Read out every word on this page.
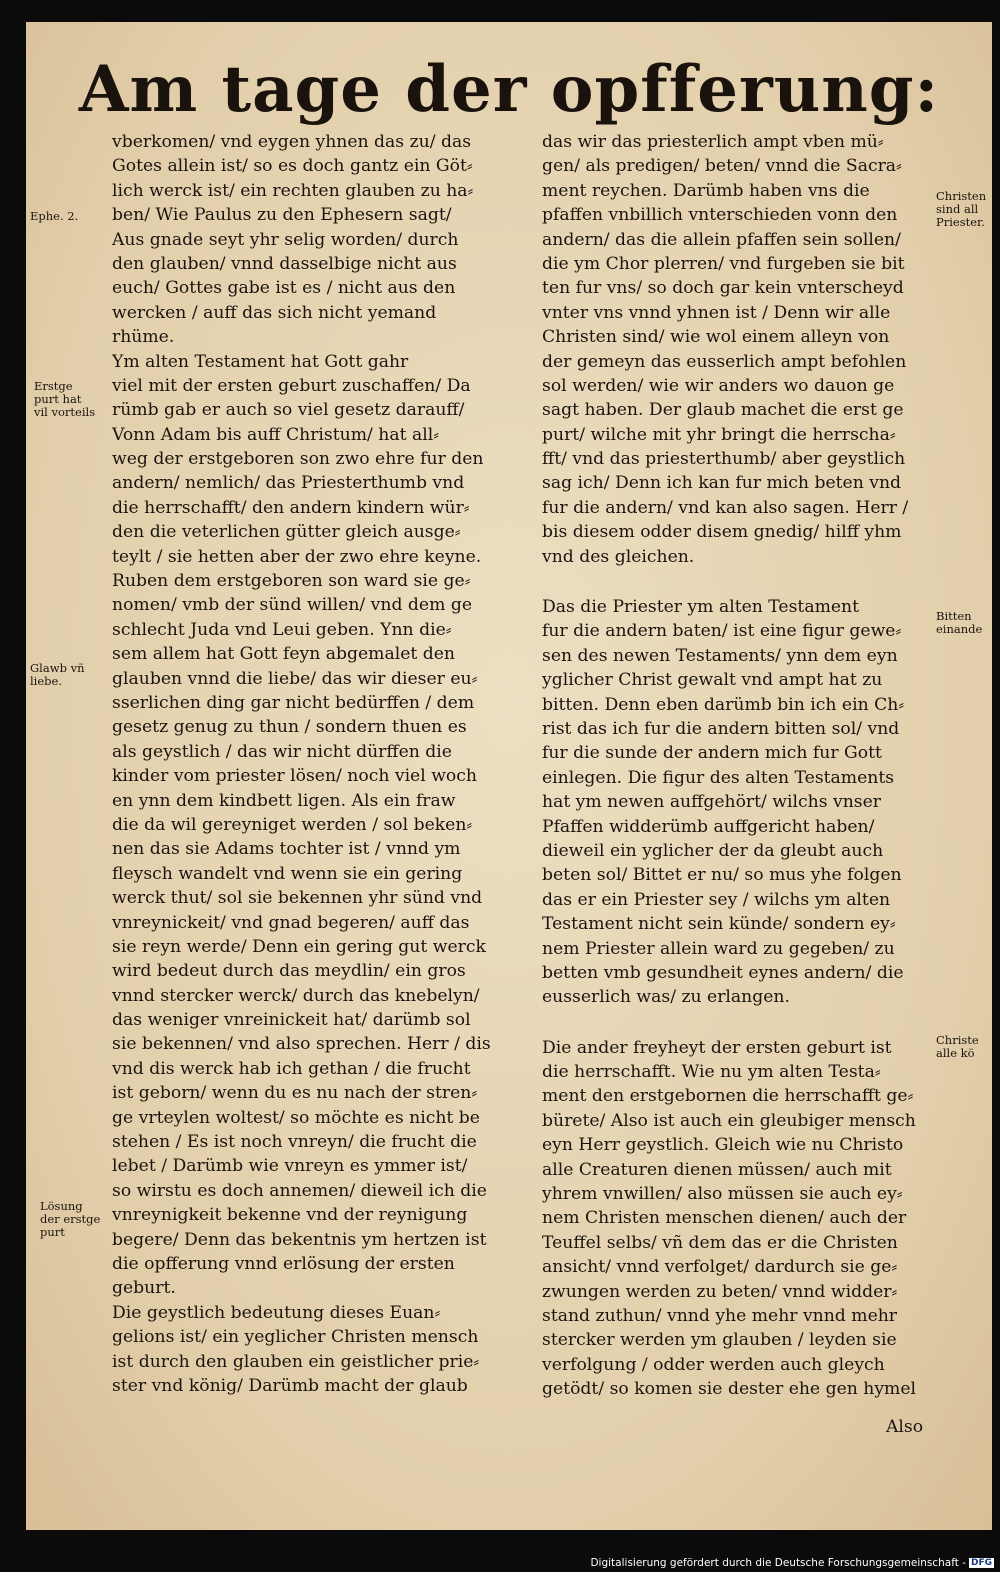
Am tage der opfferung:
vberkomen/ vnd eygen yhnen das zu/ das
Gotes allein ist/ so es doch gantz ein Göt⸗
lich werck ist/ ein rechten glauben zu ha⸗
ben/ Wie Paulus zu den Ephesern sagt/
Aus gnade seyt yhr selig worden/ durch
den glauben/ vnnd dasselbige nicht aus
euch/ Gottes gabe ist es / nicht aus den
wercken / auff das sich nicht yemand
rhüme.
Ym alten Testament hat Gott gahr
viel mit der ersten geburt zuschaffen/ Da
rümb gab er auch so viel gesetz darauff/
Vonn Adam bis auff Christum/ hat all⸗
weg der erstgeboren son zwo ehre fur den
andern/ nemlich/ das Priesterthumb vnd
die herrschafft/ den andern kindern wür⸗
den die veterlichen gütter gleich ausge⸗
teylt / sie hetten aber der zwo ehre keyne.
Ruben dem erstgeboren son ward sie ge⸗
nomen/ vmb der sünd willen/ vnd dem ge
schlecht Juda vnd Leui geben. Ynn die⸗
sem allem hat Gott feyn abgemalet den
glauben vnnd die liebe/ das wir dieser eu⸗
sserlichen ding gar nicht bedürffen / dem
gesetz genug zu thun / sondern thuen es
als geystlich / das wir nicht dürffen die
kinder vom priester lösen/ noch viel woch
en ynn dem kindbett ligen. Als ein fraw
die da wil gereyniget werden / sol beken⸗
nen das sie Adams tochter ist / vnnd ym
fleysch wandelt vnd wenn sie ein gering
werck thut/ sol sie bekennen yhr sünd vnd
vnreynickeit/ vnd gnad begeren/ auff das
sie reyn werde/ Denn ein gering gut werck
wird bedeut durch das meydlin/ ein gros
vnnd stercker werck/ durch das knebelyn/
das weniger vnreinickeit hat/ darümb sol
sie bekennen/ vnd also sprechen. Herr / dis
vnd dis werck hab ich gethan / die frucht
ist geborn/ wenn du es nu nach der stren⸗
ge vrteylen woltest/ so möchte es nicht be
stehen / Es ist noch vnreyn/ die frucht die
lebet / Darümb wie vnreyn es ymmer ist/
so wirstu es doch annemen/ dieweil ich die
vnreynigkeit bekenne vnd der reynigung
begere/ Denn das bekentnis ym hertzen ist
die opfferung vnnd erlösung der ersten
geburt.
Die geystlich bedeutung dieses Euan⸗
gelions ist/ ein yeglicher Christen mensch
ist durch den glauben ein geistlicher prie⸗
ster vnd könig/ Darümb macht der glaub
das wir das priesterlich ampt vben mü⸗
gen/ als predigen/ beten/ vnnd die Sacra⸗
ment reychen. Darümb haben vns die
pfaffen vnbillich vnterschieden vonn den
andern/ das die allein pfaffen sein sollen/
die ym Chor plerren/ vnd furgeben sie bit
ten fur vns/ so doch gar kein vnterscheyd
vnter vns vnnd yhnen ist / Denn wir alle
Christen sind/ wie wol einem alleyn von
der gemeyn das eusserlich ampt befohlen
sol werden/ wie wir anders wo dauon ge
sagt haben. Der glaub machet die erst ge
purt/ wilche mit yhr bringt die herrscha⸗
fft/ vnd das priesterthumb/ aber geystlich
sag ich/ Denn ich kan fur mich beten vnd
fur die andern/ vnd kan also sagen. Herr /
bis diesem odder disem gnedig/ hilff yhm
vnd des gleichen.
Das die Priester ym alten Testament
fur die andern baten/ ist eine figur gewe⸗
sen des newen Testaments/ ynn dem eyn
yglicher Christ gewalt vnd ampt hat zu
bitten. Denn eben darümb bin ich ein Ch⸗
rist das ich fur die andern bitten sol/ vnd
fur die sunde der andern mich fur Gott
einlegen. Die figur des alten Testaments
hat ym newen auffgehört/ wilchs vnser
Pfaffen widderümb auffgericht haben/
dieweil ein yglicher der da gleubt auch
beten sol/ Bittet er nu/ so mus yhe folgen
das er ein Priester sey / wilchs ym alten
Testament nicht sein künde/ sondern ey⸗
nem Priester allein ward zu gegeben/ zu
betten vmb gesundheit eynes andern/ die
eusserlich was/ zu erlangen.
Die ander freyheyt der ersten geburt ist
die herrschafft. Wie nu ym alten Testa⸗
ment den erstgebornen die herrschafft ge⸗
bürete/ Also ist auch ein gleubiger mensch
eyn Herr geystlich. Gleich wie nu Christo
alle Creaturen dienen müssen/ auch mit
yhrem vnwillen/ also müssen sie auch ey⸗
nem Christen menschen dienen/ auch der
Teuffel selbs/ vñ dem das er die Christen
ansicht/ vnnd verfolget/ dardurch sie ge⸗
zwungen werden zu beten/ vnnd widder⸗
stand zuthun/ vnnd yhe mehr vnnd mehr
stercker werden ym glauben / leyden sie
verfolgung / odder werden auch gleych
getödt/ so komen sie dester ehe gen hymel
Ephe. 2.
Erstge
purt hat
vil vorteils
Glawb vñ
liebe.
Lösung
der erstge
purt
Christen
sind all
Priester.
Bitten
einande
Christe
alle kö
Also
Digitalisierung gefördert durch die Deutsche Forschungsgemeinschaft - DFG
